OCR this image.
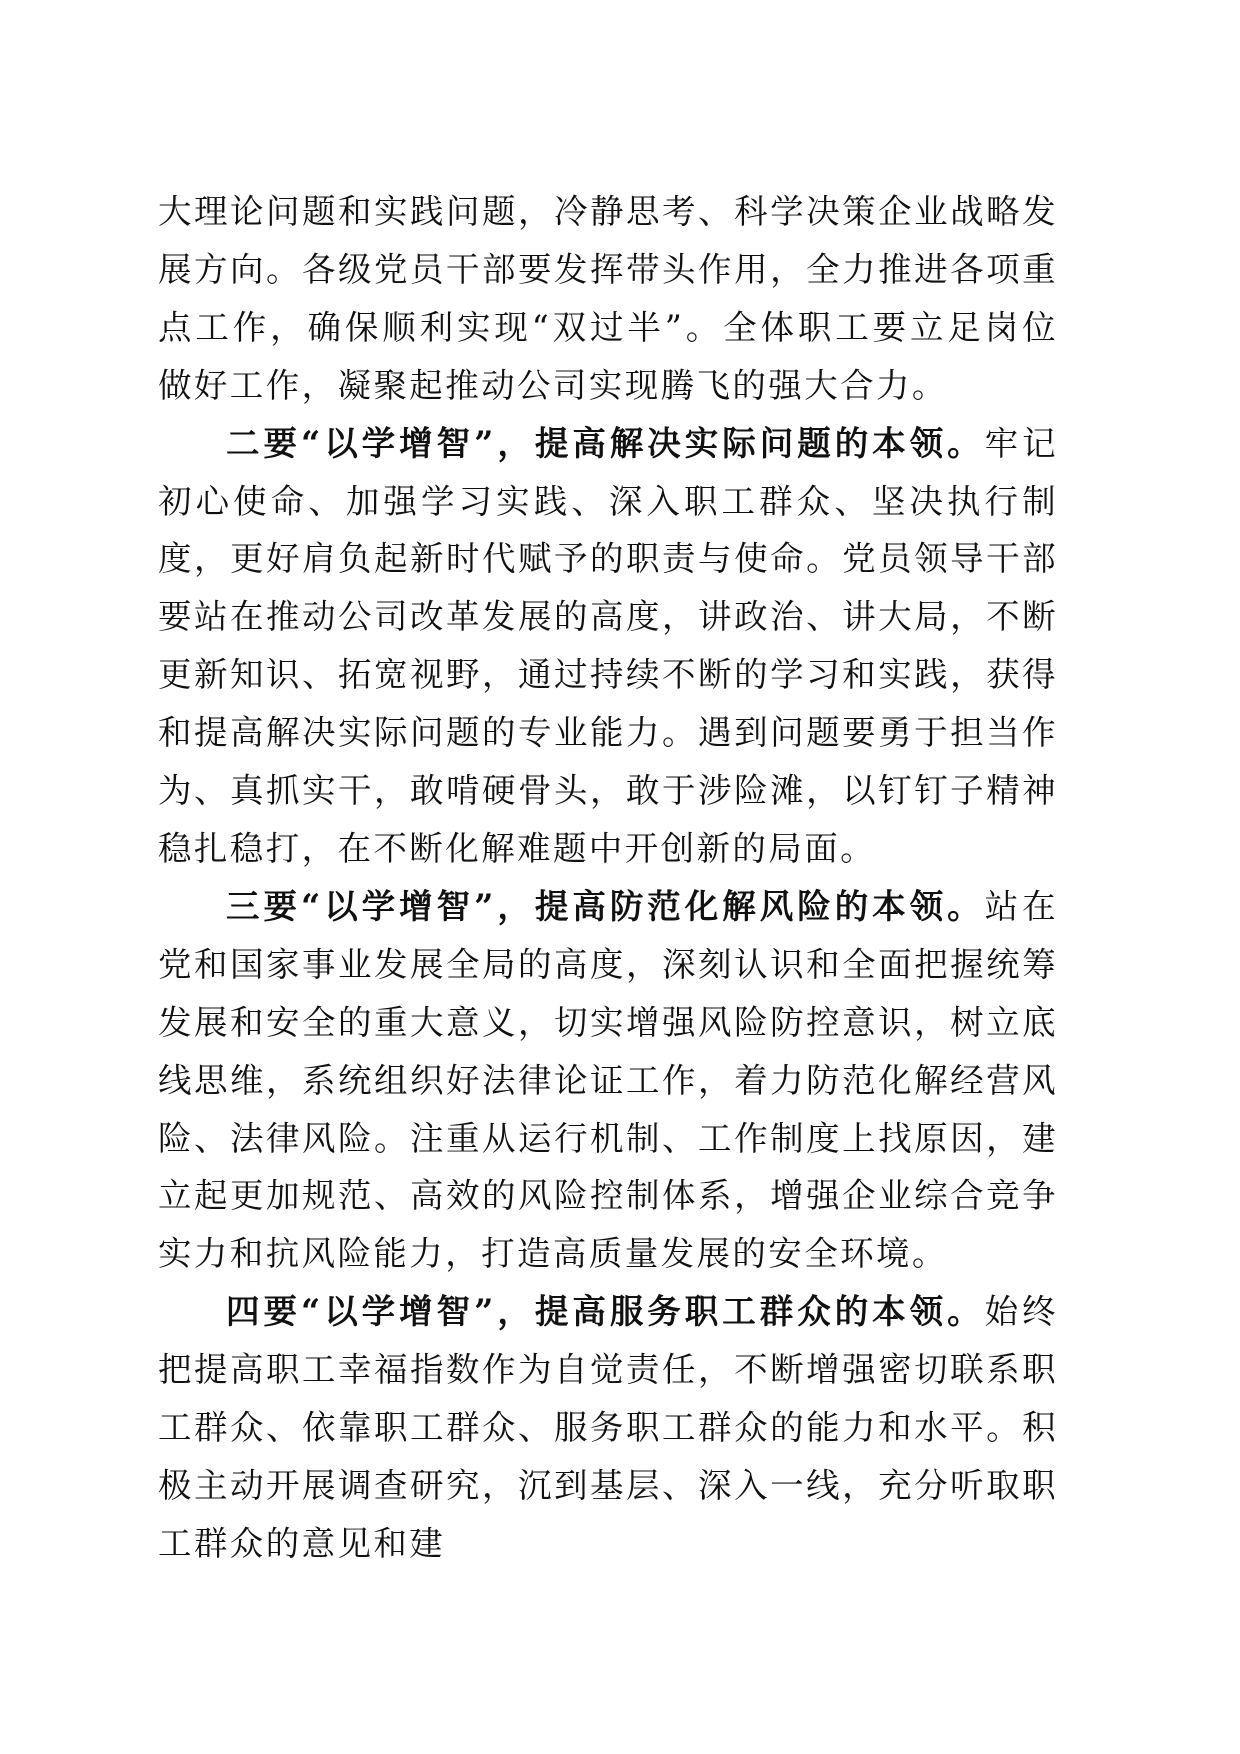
大理论问题和实践问题，冷静思考、科学决策企业战略发展方向。各级党员干部要发挥带头作用，全力推进各项重点工作，确保顺利实现“双过半”。全体职工要立足岗位做好工作，凝聚起推动公司实现腾飞的强大合力。

二要“以学增智”，提高解决实际问题的本领。牢记初心使命、加强学习实践、深入职工群众、坚决执行制度，更好肩负起新时代赋予的职责与使命。党员领导干部要站在推动公司改革发展的高度，讲政治、讲大局，不断更新知识、拓宽视野，通过持续不断的学习和实践，获得和提高解决实际问题的专业能力。遇到问题要勇于担当作为、真抓实干，敢啃硬骨头，敢于涉险滩，以钉钉子精神稳扎稳打，在不断化解难题中开创新的局面。

三要“以学增智”，提高防范化解风险的本领。站在党和国家事业发展全局的高度，深刻认识和全面把握统筹发展和安全的重大意义，切实增强风险防控意识，树立底线思维，系统组织好法律论证工作，着力防范化解经营风险、法律风险。注重从运行机制、工作制度上找原因，建立起更加规范、高效的风险控制体系，增强企业综合竞争实力和抗风险能力，打造高质量发展的安全环境。

四要“以学增智”，提高服务职工群众的本领。始终把提高职工幸福指数作为自觉责任，不断增强密切联系职工群众、依靠职工群众、服务职工群众的能力和水平。积极主动开展调查研究，沉到基层、深入一线，充分听取职工群众的意见和建
